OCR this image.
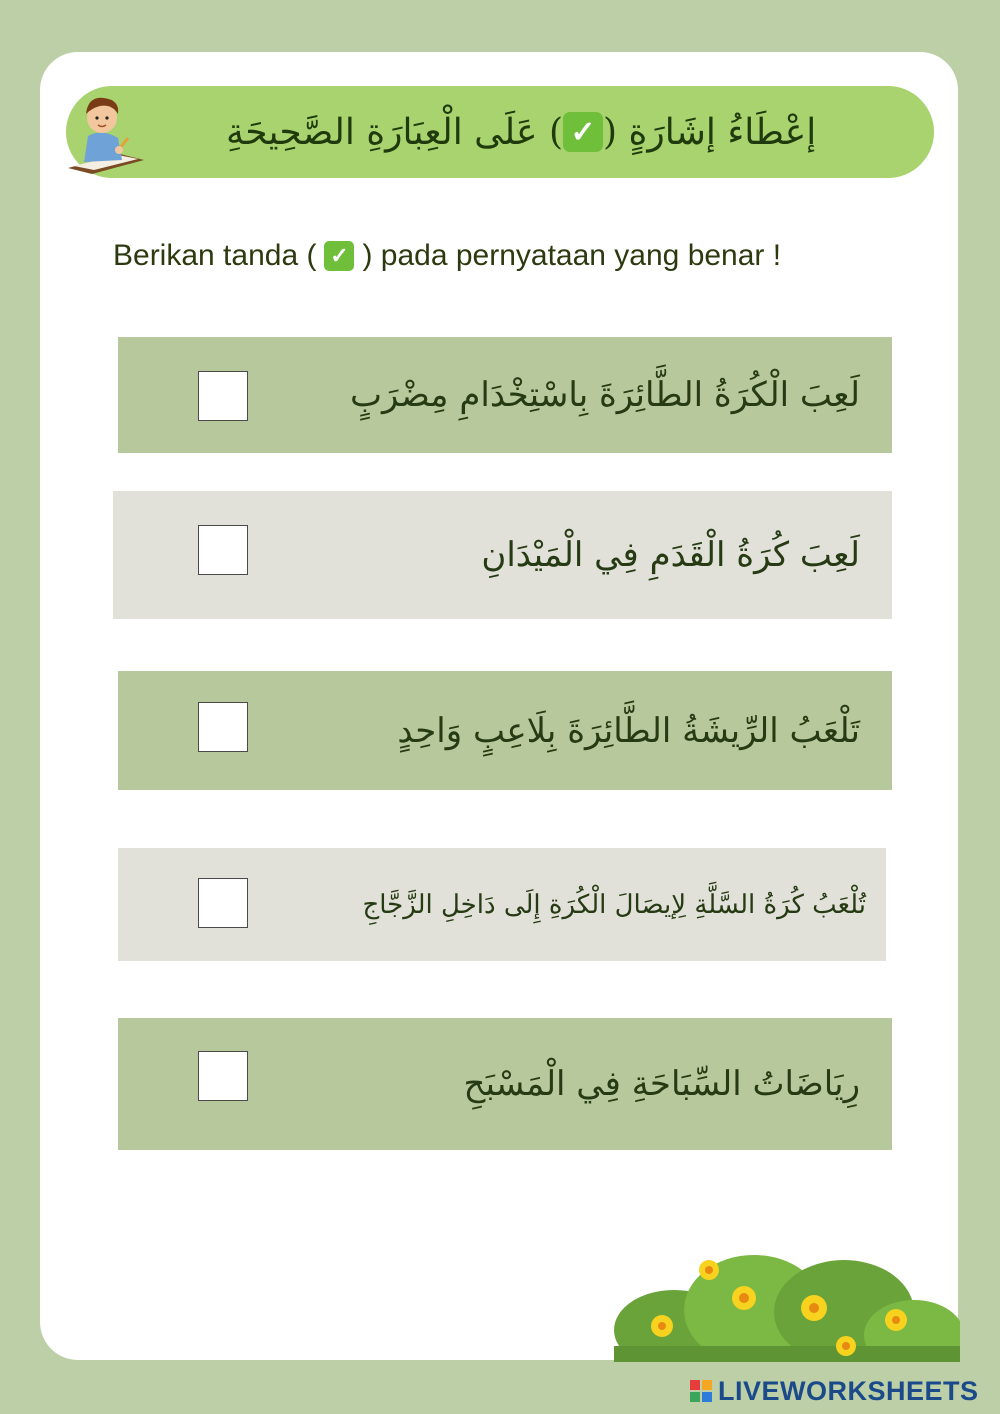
إعْطَاءُ إشَارَةٍ (
✓
) عَلَى الْعِبَارَةِ الصَّحِيحَةِ
Berikan tanda ( ✓ ) pada pernyataan yang benar !
لَعِبَ الْكُرَةُ الطَّائِرَةَ بِاسْتِخْدَامِ مِضْرَبٍ
لَعِبَ كُرَةُ الْقَدَمِ فِي الْمَيْدَانِ
تَلْعَبُ الرِّيشَةُ الطَّائِرَةَ بِلَاعِبٍ وَاحِدٍ
تُلْعَبُ كُرَةُ السَّلَّةِ لِإيصَالَ الْكُرَةِ إِلَى دَاخِلِ الزَّجَّاجِ
رِيَاضَاتُ السِّبَاحَةِ فِي الْمَسْبَحِ
LIVEWORKSHEETS
